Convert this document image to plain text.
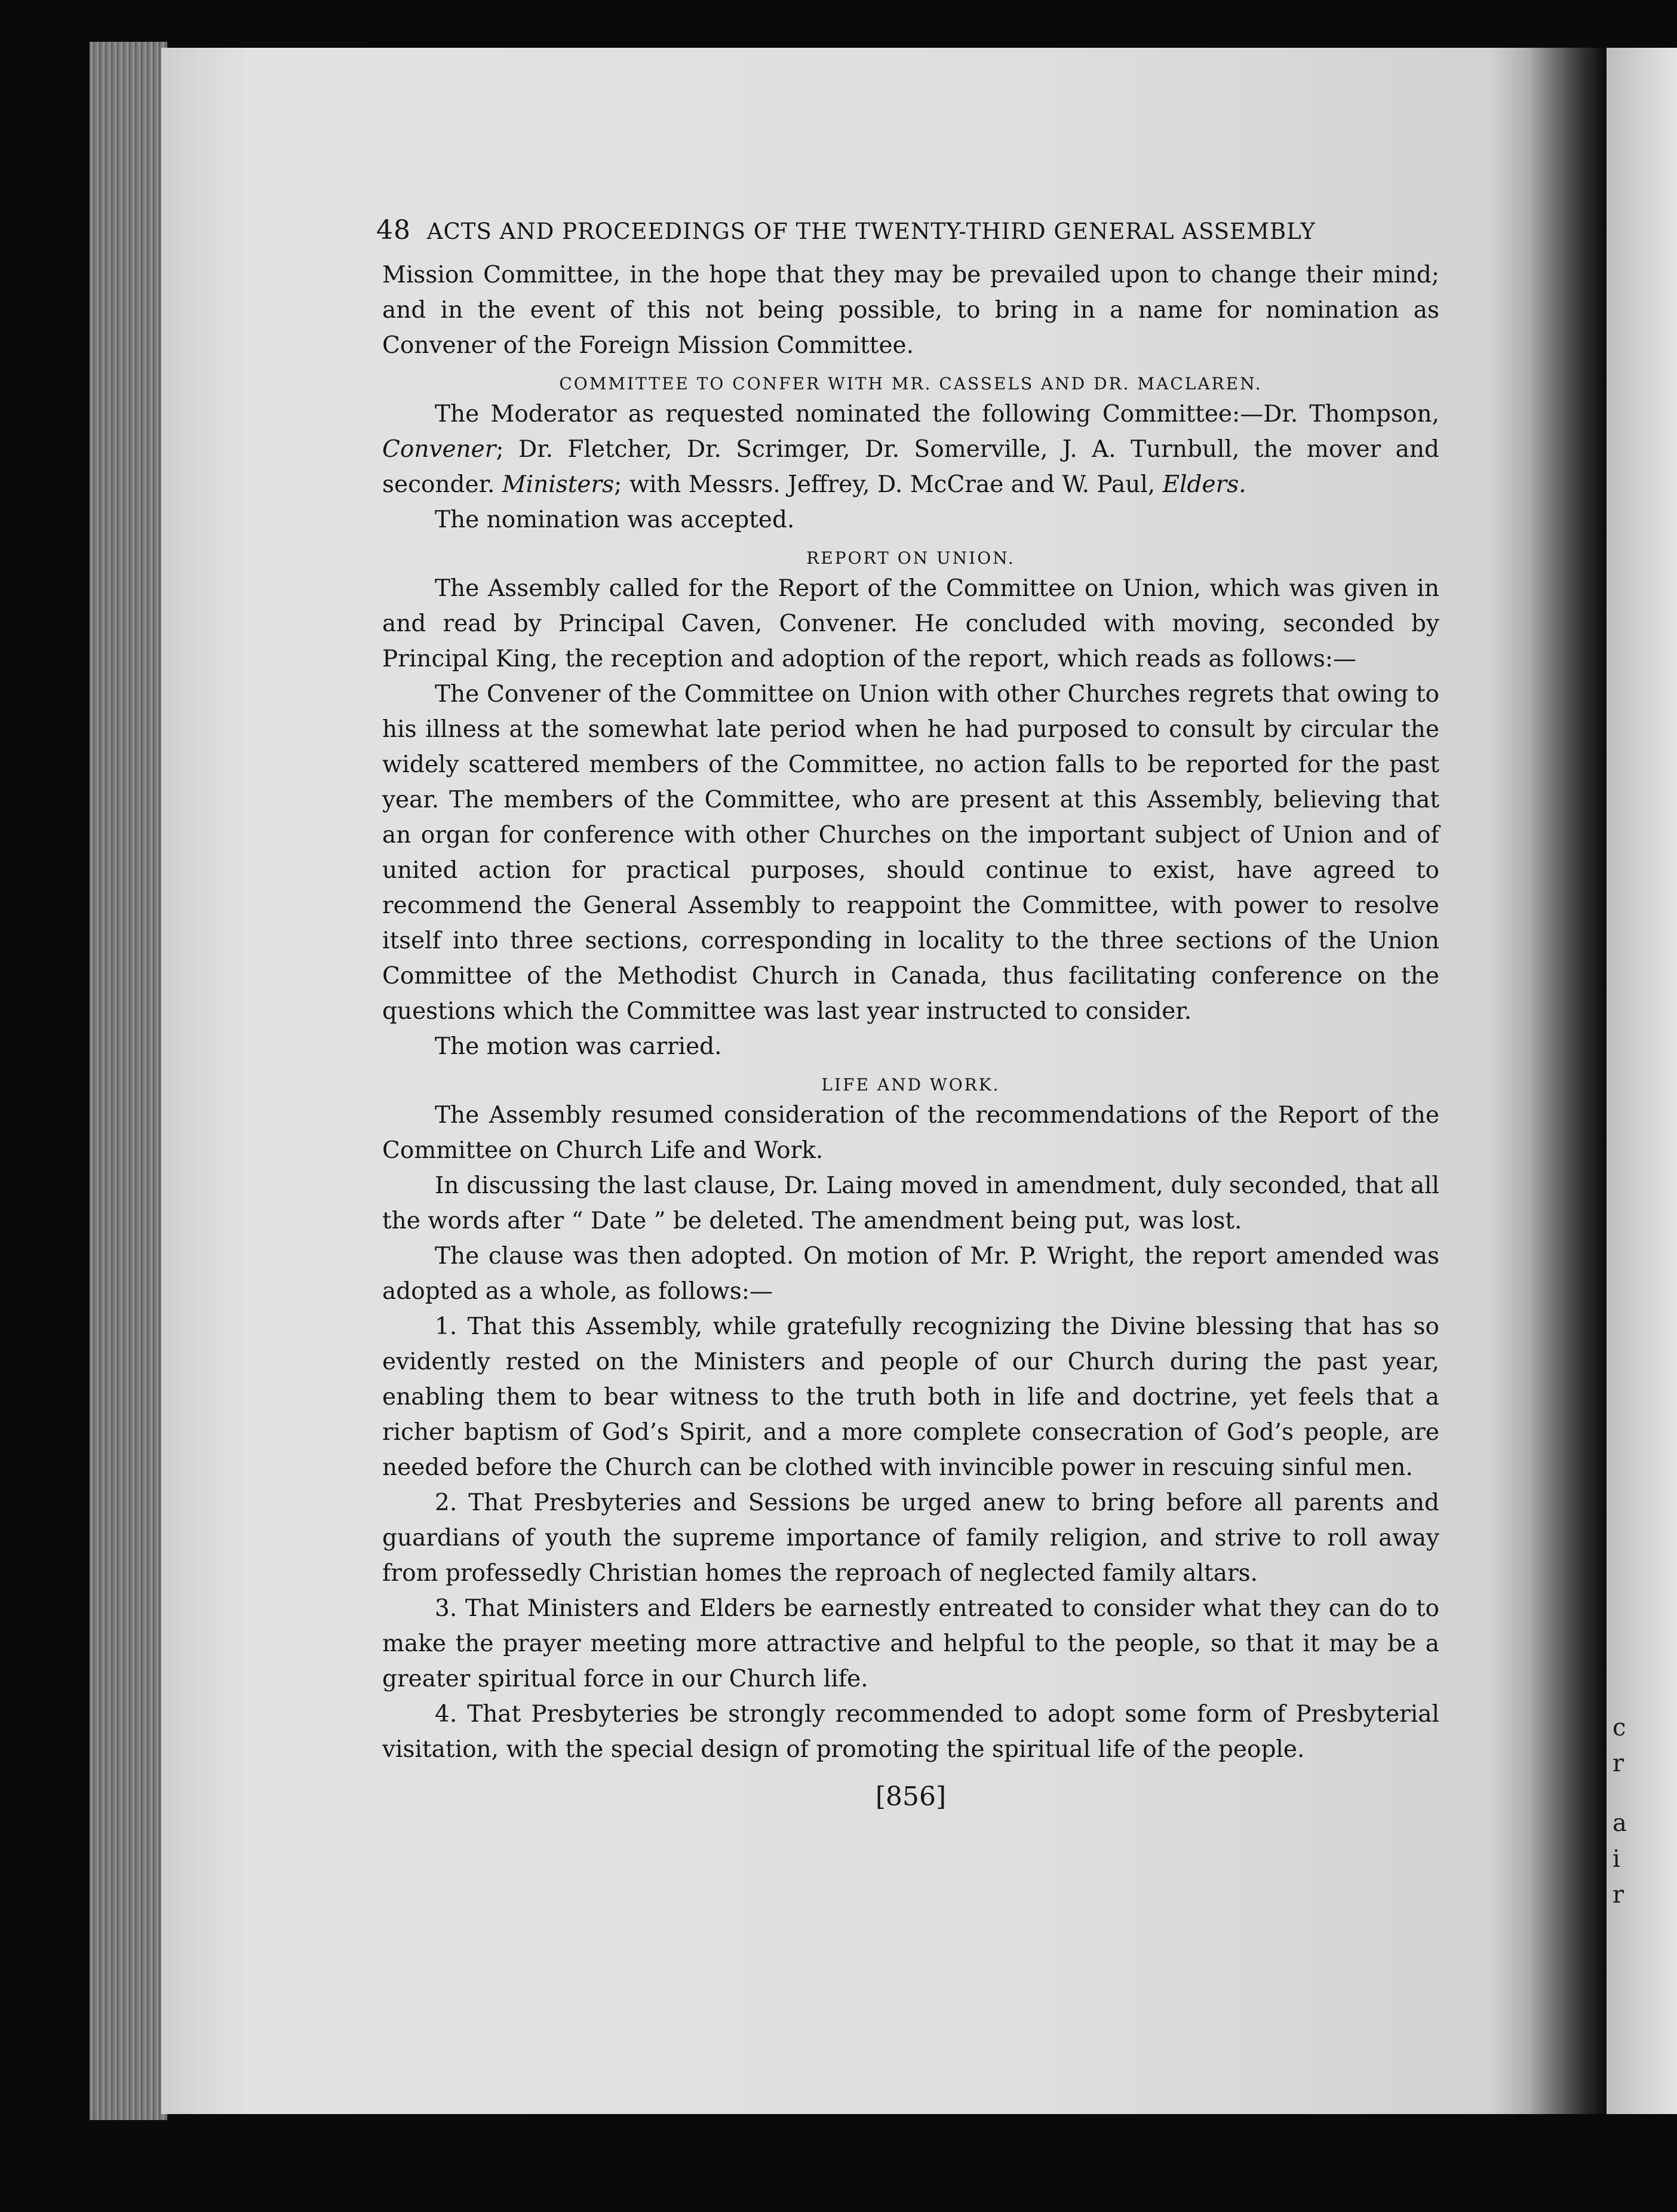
c
r
a
i
r
48 ACTS AND PROCEEDINGS OF THE TWENTY-THIRD GENERAL ASSEMBLY

Mission Committee, in the hope that they may be prevailed upon to change their mind; and in the event of this not being possible, to bring in a name for nomination as Convener of the Foreign Mission Committee.

COMMITTEE TO CONFER WITH MR. CASSELS AND DR. MACLAREN.

The Moderator as requested nominated the following Committee:—Dr. Thompson, Convener; Dr. Fletcher, Dr. Scrimger, Dr. Somerville, J. A. Turnbull, the mover and seconder. Ministers; with Messrs. Jeffrey, D. McCrae and W. Paul, Elders.

The nomination was accepted.

REPORT ON UNION.

The Assembly called for the Report of the Committee on Union, which was given in and read by Principal Caven, Convener. He concluded with moving, seconded by Principal King, the reception and adoption of the report, which reads as follows:—

The Convener of the Committee on Union with other Churches regrets that owing to his illness at the somewhat late period when he had purposed to consult by circular the widely scattered members of the Committee, no action falls to be reported for the past year. The members of the Committee, who are present at this Assembly, believing that an organ for conference with other Churches on the important subject of Union and of united action for practical purposes, should continue to exist, have agreed to recommend the General Assembly to reappoint the Committee, with power to resolve itself into three sections, corresponding in locality to the three sections of the Union Committee of the Methodist Church in Canada, thus facilitating conference on the questions which the Committee was last year instructed to consider.

The motion was carried.

LIFE AND WORK.

The Assembly resumed consideration of the recommendations of the Report of the Committee on Church Life and Work.

In discussing the last clause, Dr. Laing moved in amendment, duly seconded, that all the words after “ Date ” be deleted. The amendment being put, was lost.

The clause was then adopted. On motion of Mr. P. Wright, the report amended was adopted as a whole, as follows:—

1. That this Assembly, while gratefully recognizing the Divine blessing that has so evidently rested on the Ministers and people of our Church during the past year, enabling them to bear witness to the truth both in life and doctrine, yet feels that a richer baptism of God’s Spirit, and a more complete consecration of God’s people, are needed before the Church can be clothed with invincible power in rescuing sinful men.

2. That Presbyteries and Sessions be urged anew to bring before all parents and guardians of youth the supreme importance of family religion, and strive to roll away from professedly Christian homes the reproach of neglected family altars.

3. That Ministers and Elders be earnestly entreated to consider what they can do to make the prayer meeting more attractive and helpful to the people, so that it may be a greater spiritual force in our Church life.

4. That Presbyteries be strongly recommended to adopt some form of Presbyterial visitation, with the special design of promoting the spiritual life of the people.

[856]
